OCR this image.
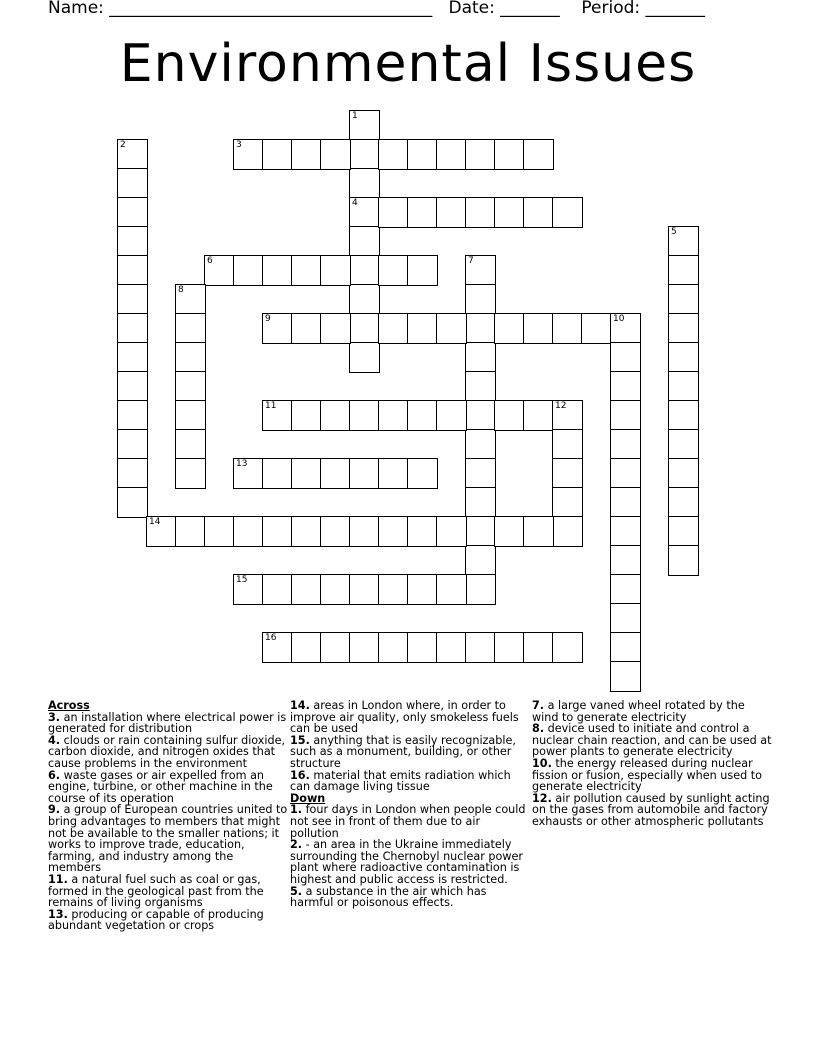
Name: ______________________________________   Date: _______    Period: _______
Environmental Issues
1
4
2	3
5
6	7
8
9	10
11	12
13
14
15
16
Across
3. an installation where electrical power is generated for distribution
4. clouds or rain containing sulfur dioxide, carbon dioxide, and nitrogen oxides that cause problems in the environment
6. waste gases or air expelled from an engine, turbine, or other machine in the course of its operation
9. a group of European countries united to bring advantages to members that might not be available to the smaller nations; it works to improve trade, education, farming, and industry among the members
11. a natural fuel such as coal or gas, formed in the geological past from the remains of living organisms
13. producing or capable of producing abundant vegetation or crops
14. areas in London where, in order to improve air quality, only smokeless fuels can be used
15. anything that is easily recognizable, such as a monument, building, or other structure
16. material that emits radiation which can damage living tissue
Down
1. four days in London when people could not see in front of them due to air pollution
2. - an area in the Ukraine immediately surrounding the Chernobyl nuclear power plant where radioactive contamination is highest and public access is restricted.
5. a substance in the air which has harmful or poisonous effects.
7. a large vaned wheel rotated by the wind to generate electricity
8. device used to initiate and control a nuclear chain reaction, and can be used at power plants to generate electricity
10. the energy released during nuclear fission or fusion, especially when used to generate electricity
12. air pollution caused by sunlight acting on the gases from automobile and factory exhausts or other atmospheric pollutants
